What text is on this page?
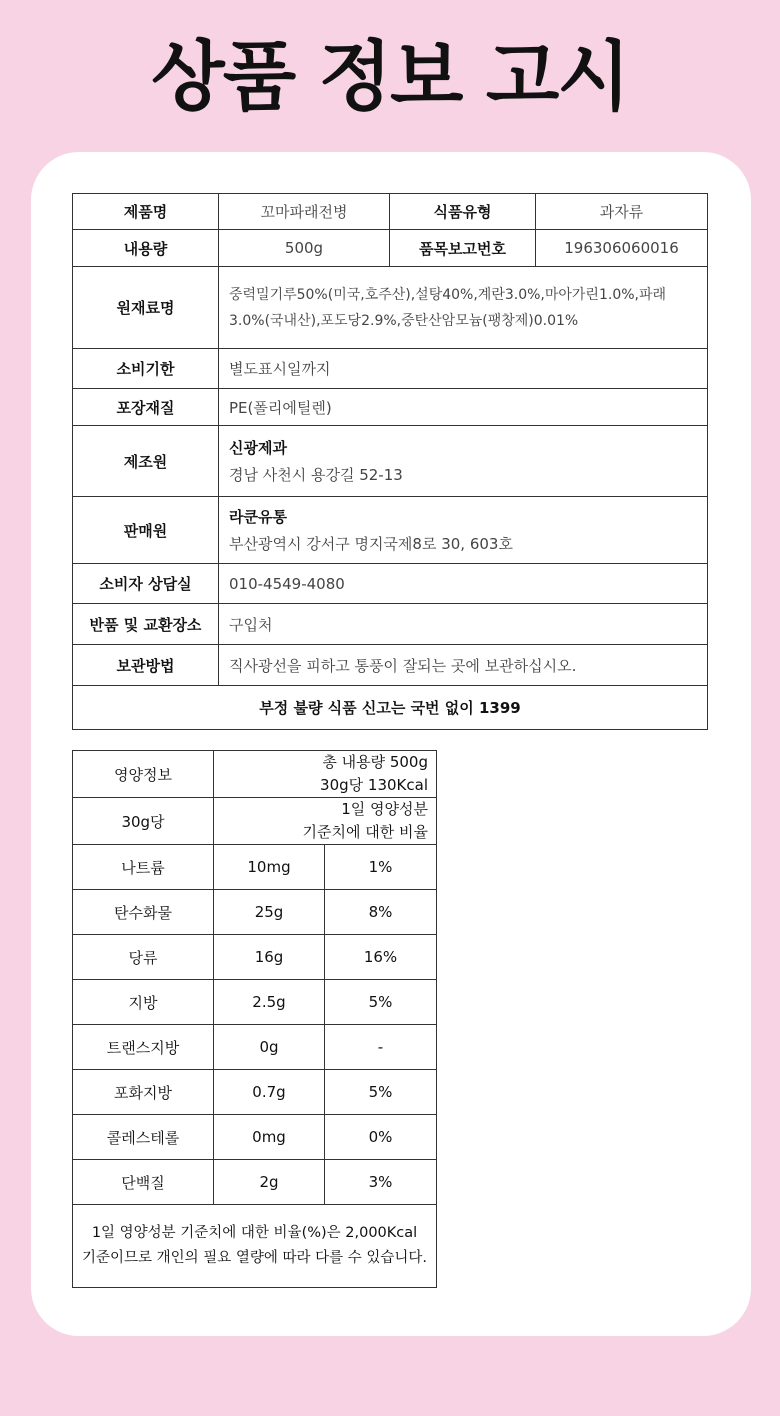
상품 정보 고시
제품명	꼬마파래전병	식품유형	과자류
내용량	500g	품목보고번호	196306060016
원재료명	중력밀기루50%(미국,호주산),설탕40%,계란3.0%,마아가린1.0%,파래
3.0%(국내산),포도당2.9%,중탄산암모늄(팽창제)0.01%		

소비기한	별도표시일까지		
포장재질	PE(폴리에틸렌)		
제조원	신광제과
경남 사천시 용강길 52-13		

판매원	라쿤유통
부산광역시 강서구 명지국제8로 30, 603호		

소비자 상담실	010-4549-4080		
반품 및 교환장소	구입처		
보관방법	직사광선을 피하고 통풍이 잘되는 곳에 보관하십시오.		
부정 불량 식품 신고는 국번 없이 1399			
영양정보	총 내용량 500g
30g당 130Kcal	

30g당	1일 영양성분
기준치에 대한 비율	

나트륨	10mg	1%
탄수화물	25g	8%
당류	16g	16%
지방	2.5g	5%
트랜스지방	0g	-
포화지방	0.7g	5%
콜레스테롤	0mg	0%
단백질	2g	3%

1일 영양성분 기준치에 대한 비율(%)은 2,000Kcal
기준이므로 개인의 필요 열량에 따라 다를 수 있습니다.		
